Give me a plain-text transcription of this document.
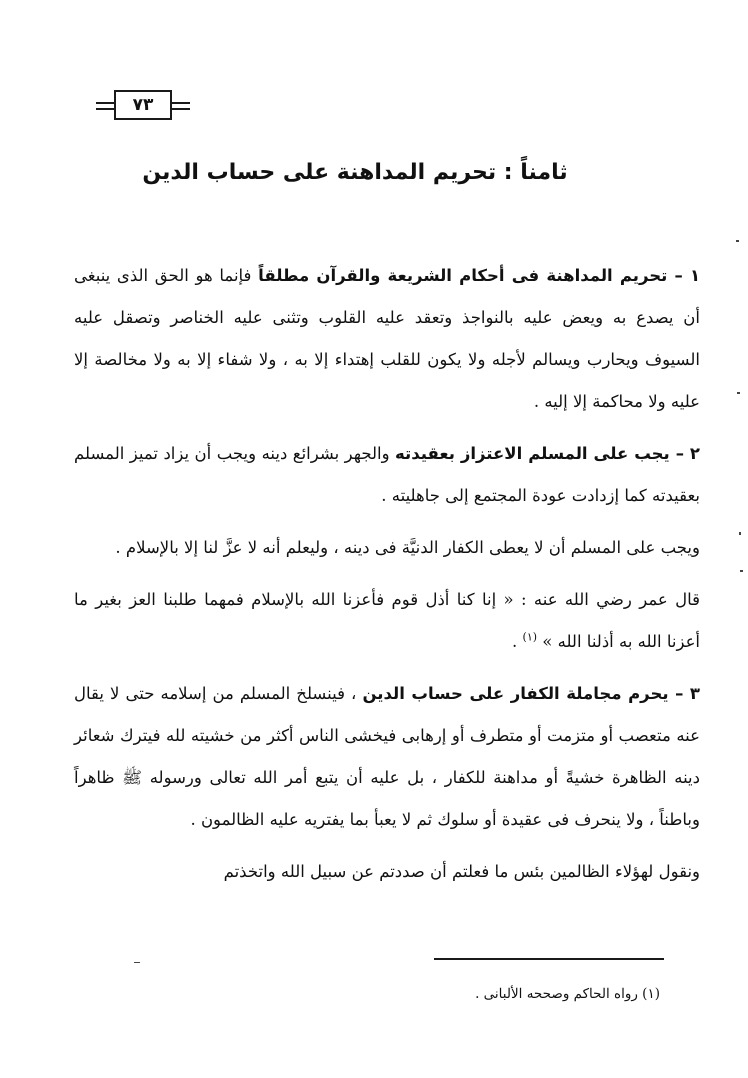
٧٣
ثامناً : تحريم المداهنة على حساب الدين

١ – تحريم المداهنة فى أحكام الشريعة والقرآن مطلقاً فإنما هو الحق الذى ينبغى أن يصدع به ويعض عليه بالنواجذ وتعقد عليه القلوب وتثنى عليه الخناصر وتصقل عليه السيوف ويحارب ويسالم لأجله ولا يكون للقلب إهتداء إلا به ، ولا شفاء إلا به ولا مخالصة إلا عليه ولا محاكمة إلا إليه .

٢ – يجب على المسلم الاعتزاز بعقيدته والجهر بشرائع دينه ويجب أن يزاد تميز المسلم بعقيدته كما إزدادت عودة المجتمع إلى جاهليته .

ويجب على المسلم أن لا يعطى الكفار الدنيَّة فى دينه ، وليعلم أنه لا عزَّ لنا إلا بالإسلام .

قال عمر رضي الله عنه : « إنا كنا أذل قوم فأعزنا الله بالإسلام فمهما طلبنا العز بغير ما أعزنا الله به أذلنا الله » $^{(١)}$ .

٣ – يحرم مجاملة الكفار على حساب الدين ، فينسلخ المسلم من إسلامه حتى لا يقال عنه متعصب أو متزمت أو متطرف أو إرهابى فيخشى الناس أكثر من خشيته لله فيترك شعائر دينه الظاهرة خشيةً أو مداهنة للكفار ، بل عليه أن يتبع أمر الله تعالى ورسوله ﷺ ظاهراً وباطناً ، ولا ينحرف فى عقيدة أو سلوك ثم لا يعبأ بما يفتريه عليه الظالمون .

ونقول لهؤلاء الظالمين بئس ما فعلتم أن صددتم عن سبيل الله واتخذتم

(١) رواه الحاكم وصححه الألبانى .
